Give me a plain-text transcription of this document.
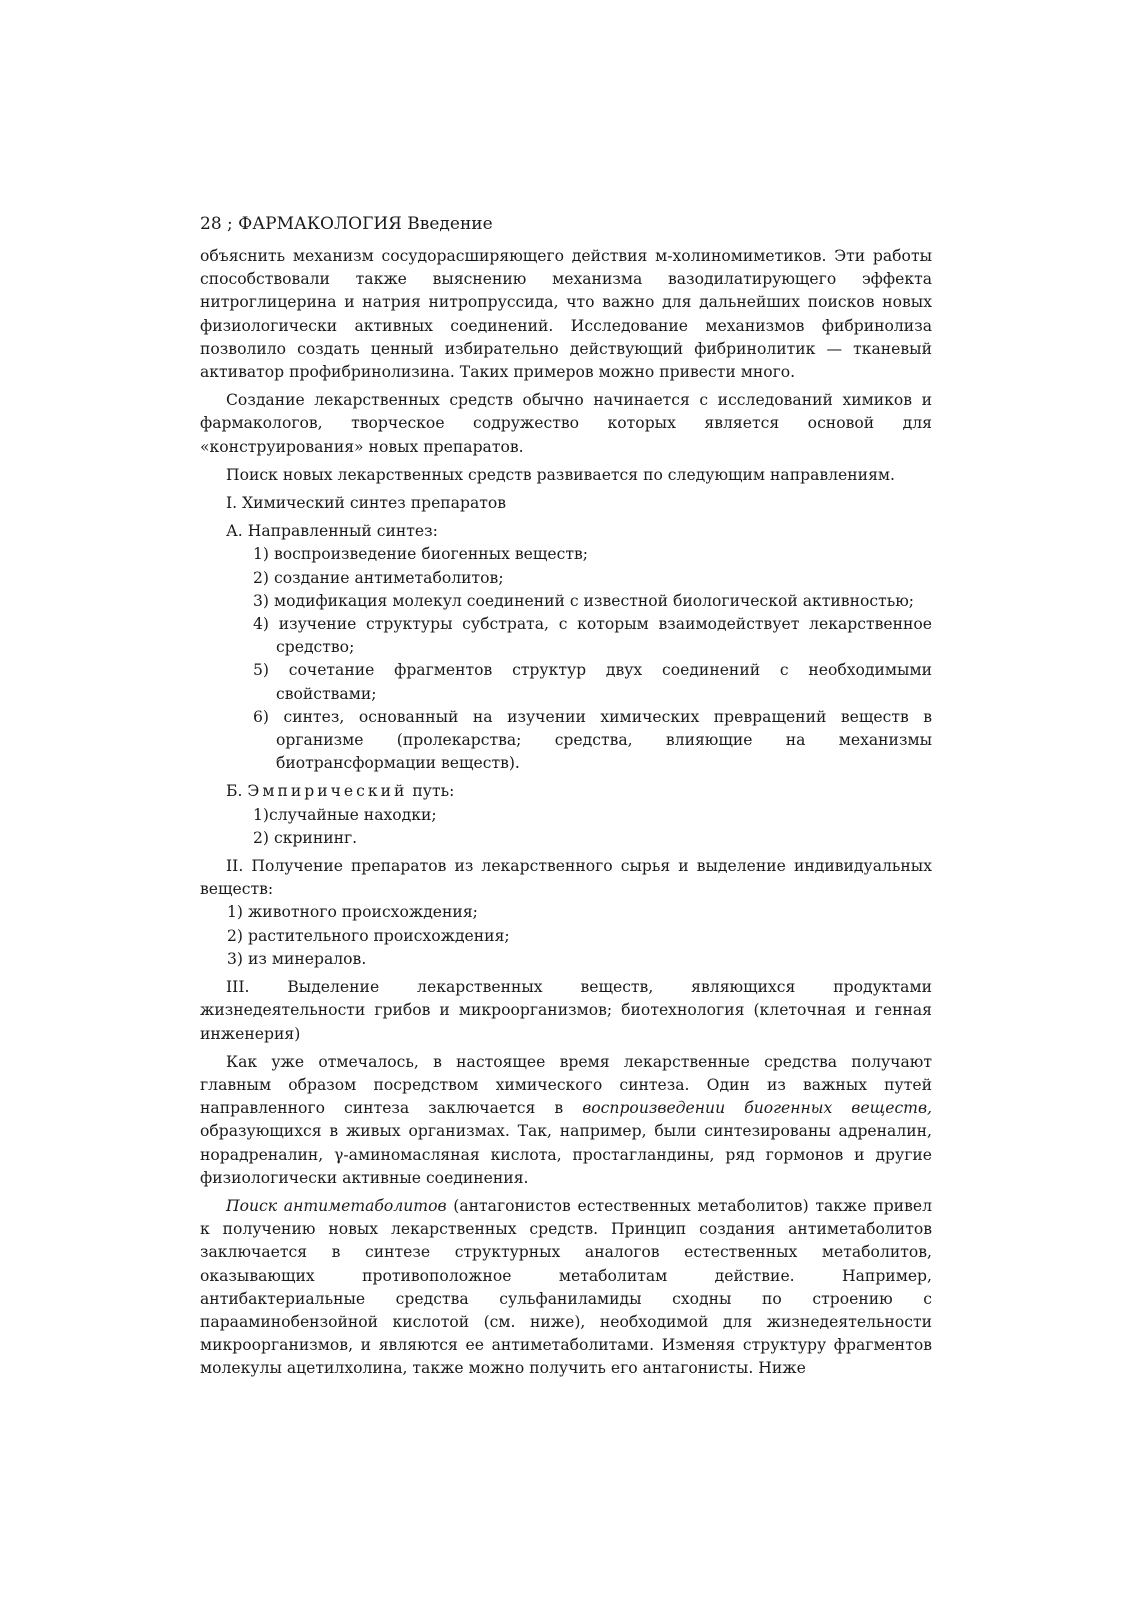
28 ; ФАРМАКОЛОГИЯ Введение

объяснить механизм сосудорасширяющего действия м-холиномиметиков. Эти работы способствовали также выяснению механизма вазодилатирующего эффекта нитроглицерина и натрия нитропруссида, что важно для дальнейших поисков новых физиологически активных соединений. Исследование механизмов фибринолиза позволило создать ценный избирательно действующий фибринолитик — тканевый активатор профибринолизина. Таких примеров можно привести много.

Создание лекарственных средств обычно начинается с исследований химиков и фармакологов, творческое содружество которых является основой для «конструирования» новых препаратов.

Поиск новых лекарственных средств развивается по следующим направлениям.

I. Химический синтез препаратов

А. Направленный синтез:

1) воспроизведение биогенных веществ;

2) создание антиметаболитов;

3) модификация молекул соединений с известной биологической активностью;

4) изучение структуры субстрата, с которым взаимодействует лекарственное средство;

5) сочетание фрагментов структур двух соединений с необходимыми свойствами;

6) синтез, основанный на изучении химических превращений веществ в организме (пролекарства; средства, влияющие на механизмы биотрансформации веществ).

Б. Эмпирический путь:

1)случайные находки;

2) скрининг.

II. Получение препаратов из лекарственного сырья и выделение индивидуальных веществ:

1) животного происхождения;

2) растительного происхождения;

3) из минералов.

III. Выделение лекарственных веществ, являющихся продуктами жизнедеятельности грибов и микроорганизмов; биотехнология (клеточная и генная инженерия)

Как уже отмечалось, в настоящее время лекарственные средства получают главным образом посредством химического синтеза. Один из важных путей направленного синтеза заключается в воспроизведении биогенных веществ, образующихся в живых организмах. Так, например, были синтезированы адреналин, норадреналин, γ-аминомасляная кислота, простагландины, ряд гормонов и другие физиологически активные соединения.

Поиск антиметаболитов (антагонистов естественных метаболитов) также привел к получению новых лекарственных средств. Принцип создания антиметаболитов заключается в синтезе структурных аналогов естественных метаболитов, оказывающих противоположное метаболитам действие. Например, антибактериальные средства сульфаниламиды сходны по строению с парааминобензойной кислотой (см. ниже), необходимой для жизнедеятельности микроорганизмов, и являются ее антиметаболитами. Изменяя структуру фрагментов молекулы ацетилхолина, также можно получить его антагонисты. Ниже
